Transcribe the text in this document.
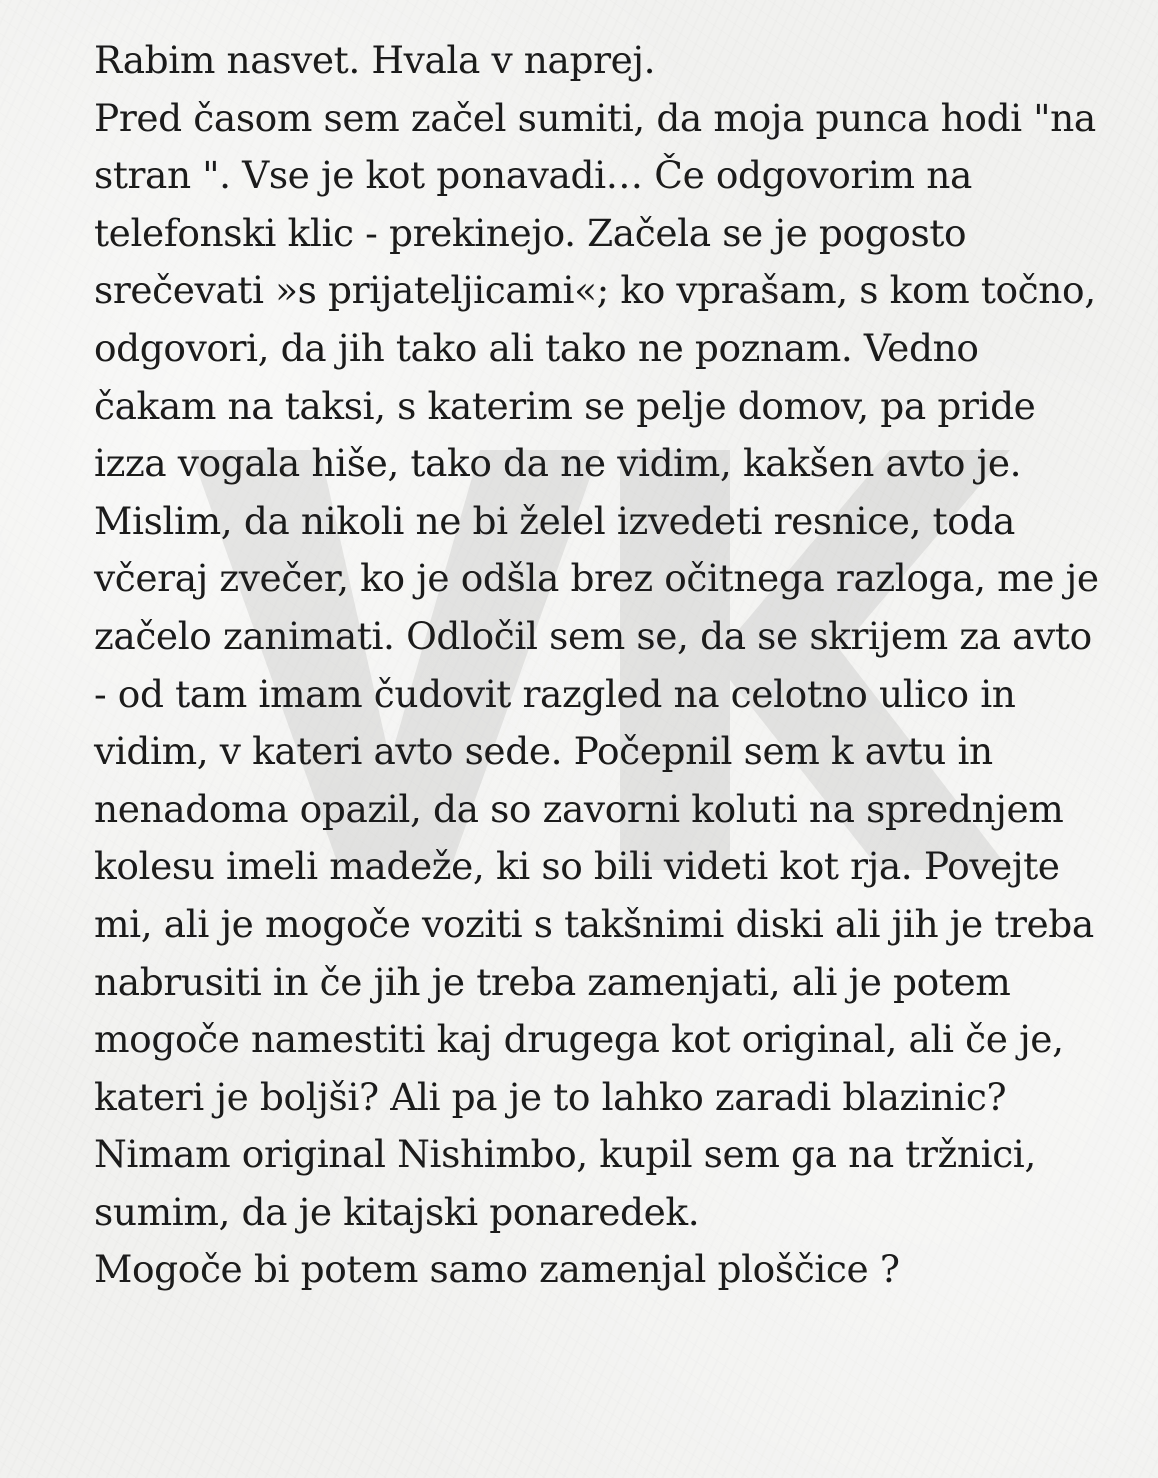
Rabim nasvet. Hvala v naprej.
Pred časom sem začel sumiti, da moja punca hodi "na stran ". Vse je kot ponavadi… Če odgovorim na telefonski klic - prekinejo. Začela se je pogosto srečevati »s prijateljicami«; ko vprašam, s kom točno, odgovori, da jih tako ali tako ne poznam. Vedno čakam na taksi, s katerim se pelje domov, pa pride izza vogala hiše, tako da ne vidim, kakšen avto je. Mislim, da nikoli ne bi želel izvedeti resnice, toda včeraj zvečer, ko je odšla brez očitnega razloga, me je začelo zanimati. Odločil sem se, da se skrijem za avto - od tam imam čudovit razgled na celotno ulico in vidim, v kateri avto sede. Počepnil sem k avtu in nenadoma opazil, da so zavorni koluti na sprednjem kolesu imeli madeže, ki so bili videti kot rja. Povejte mi, ali je mogoče voziti s takšnimi diski ali jih je treba nabrusiti in če jih je treba zamenjati, ali je potem mogoče namestiti kaj drugega kot original, ali če je, kateri je boljši? Ali pa je to lahko zaradi blazinic? Nimam original Nishimbo, kupil sem ga na tržnici, sumim, da je kitajski ponaredek.
Mogoče bi potem samo zamenjal ploščice ?
